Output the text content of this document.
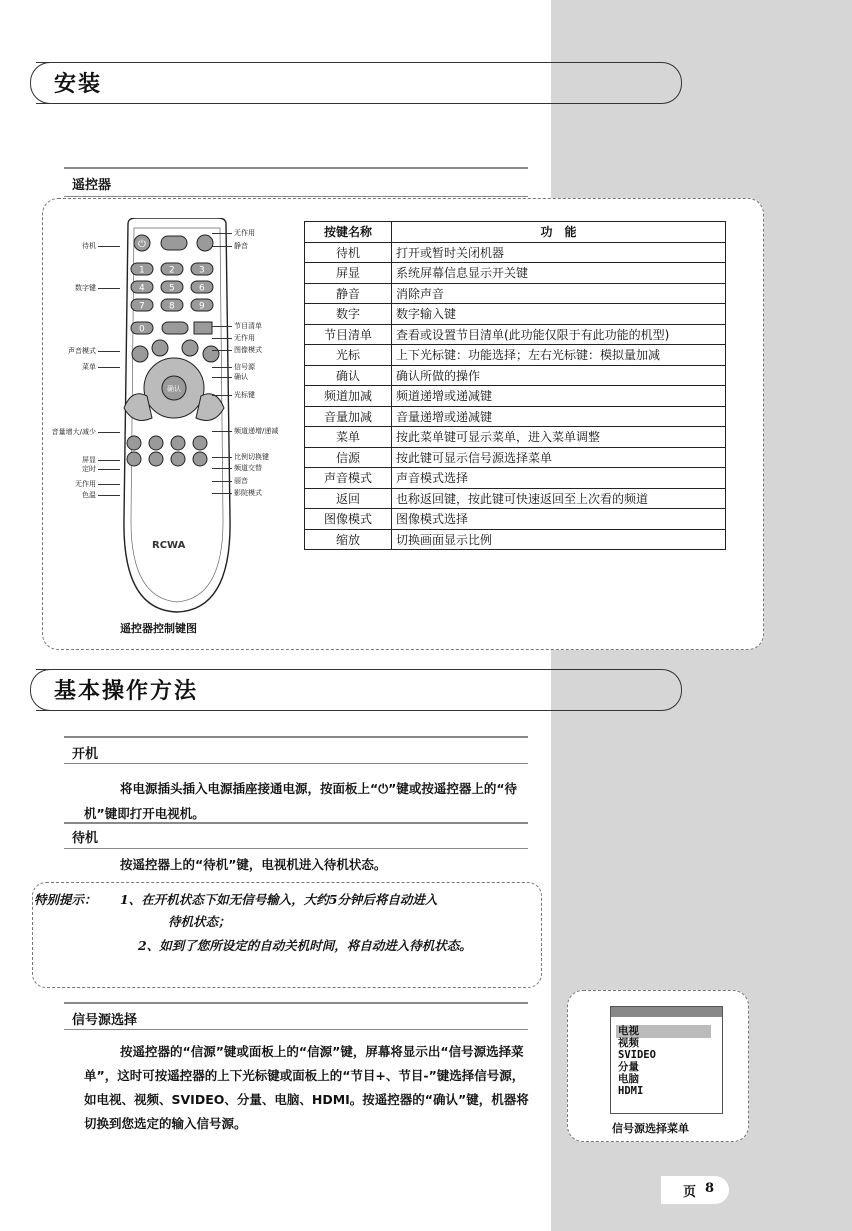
安装
遥控器
⏻
1	2	3
4	5	6
7	8	9
0
确认
RCWA
待机
数字键
声音模式
菜单
音量增大/减少
屏显
定时
无作用
色温
无作用
静音
节目清单
无作用
图像模式
信号源
确认
光标键
频道递增/递减
比例切换键
频道交替
丽音
影院模式
遥控器控制键图
按键名称	功　能
待机	打开或暂时关闭机器
屏显	系统屏幕信息显示开关键
静音	消除声音
数字	数字输入键
节目清单	查看或设置节目清单(此功能仅限于有此功能的机型)
光标	上下光标键：功能选择；左右光标键：模拟量加减
确认	确认所做的操作
频道加减	频道递增或递减键
音量加减	音量递增或递减键
菜单	按此菜单键可显示菜单，进入菜单调整
信源	按此键可显示信号源选择菜单
声音模式	声音模式选择
返回	也称返回键，按此键可快速返回至上次看的频道
图像模式	图像模式选择
缩放	切换画面显示比例
基本操作方法
开机
将电源插头插入电源插座接通电源，按面板上“⏻”键或按遥控器上的“待机”键即打开电视机。
待机
按遥控器上的“待机”键，电视机进入待机状态。
特别提示： 1、在开机状态下如无信号输入，大约5分钟后将自动进入
待机状态；
2、如到了您所设定的自动关机时间，将自动进入待机状态。
信号源选择
按遥控器的“信源”键或面板上的“信源”键，屏幕将显示出“信号源选择菜单”，这时可按遥控器的上下光标键或面板上的“节目+、节目-”键选择信号源，如电视、视频、SVIDEO、分量、电脑、HDMI。按遥控器的“确认”键，机器将切换到您选定的输入信号源。
电视
视频
SVIDEO
分量
电脑
HDMI
信号源选择菜单
页 8
